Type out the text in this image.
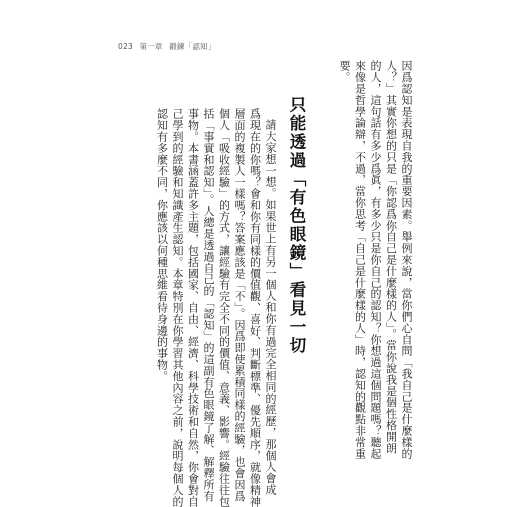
023 第一章 鍛鍊「認知」
因爲認知是表現自我的重要因素。舉例來說，當你們心自問「我自己是什麼樣的
人？」其實你想的只是「你認爲你自己是什麼樣的人」。當你說我是個性格開朗
的人，這句話有多少爲眞，有多少只是你自己的認知？你想過這個問題嗎？聽起
來像是哲學論辯，不過，當你思考「自己是什麼樣的人」時，認知的觀點非常重
要。
只能透過「有色眼鏡」看見一切
請大家想一想。如果世上有另一個人和你有過完全相同的經歷，那個人會成
爲現在的你嗎？會和你有同樣的價值觀、喜好、判斷標準、優先順序，就像精神
層面的複製人一樣嗎？答案應該是「不」。因爲即使累積同樣的經驗，也會因爲
個人「吸收經驗」的方式，讓經驗有完全不同的價值、意義、影響。經驗往往包
括「事實和認知」。人總是透過自己的「認知」的這副有色眼鏡了解、解釋所有
事物。本書涵蓋許多主題，包括國家、自由、經濟、科學技術和自然，你會對自
己學到的經驗和知識產生認知。本章特別在你學習其他內容之前，說明每個人的
認知有多麼不同，你應該以何種思維看待身邊的事物。
